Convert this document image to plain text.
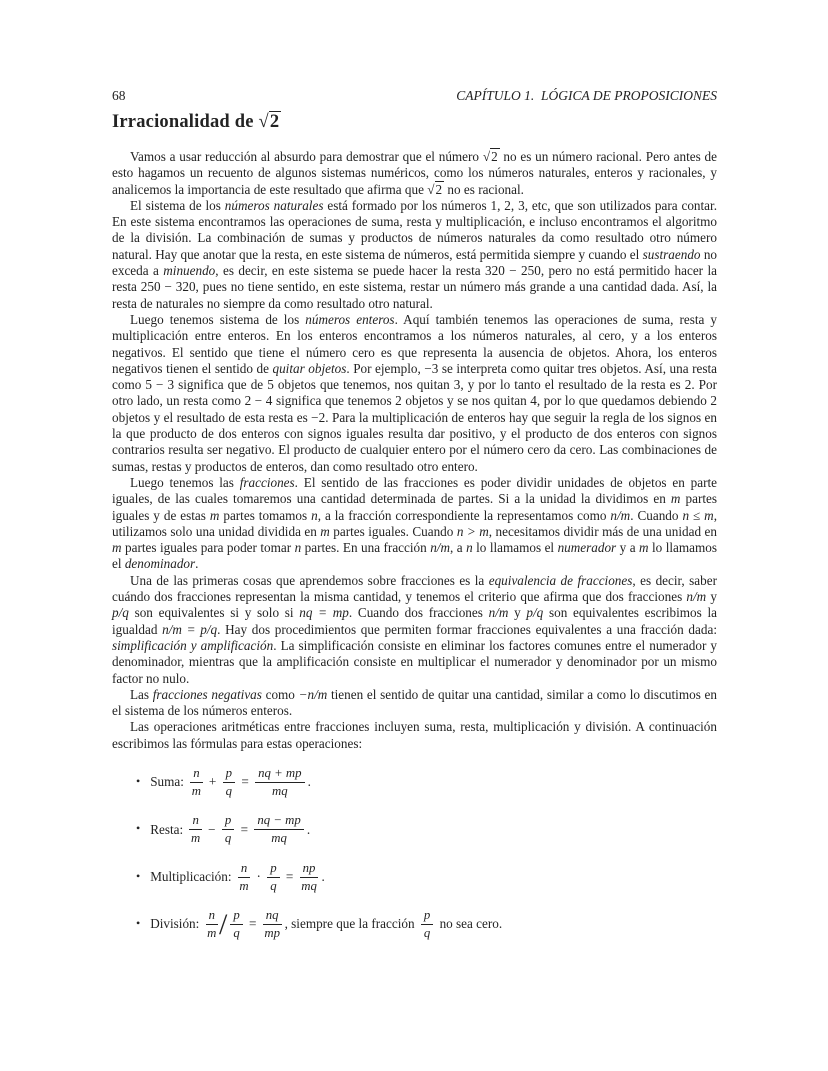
68	CAPÍTULO 1. LÓGICA DE PROPOSICIONES
Irracionalidad de √2

Vamos a usar reducción al absurdo para demostrar que el número √2 no es un número racional. Pero antes de esto hagamos un recuento de algunos sistemas numéricos, como los números naturales, enteros y racionales, y analicemos la importancia de este resultado que afirma que √2 no es racional.

El sistema de los números naturales está formado por los números 1, 2, 3, etc, que son utilizados para contar. En este sistema encontramos las operaciones de suma, resta y multiplicación, e incluso encontramos el algoritmo de la división. La combinación de sumas y productos de números naturales da como resultado otro número natural. Hay que anotar que la resta, en este sistema de números, está permitida siempre y cuando el sustraendo no exceda a minuendo, es decir, en este sistema se puede hacer la resta 320 − 250, pero no está permitido hacer la resta 250 − 320, pues no tiene sentido, en este sistema, restar un número más grande a una cantidad dada. Así, la resta de naturales no siempre da como resultado otro natural.

Luego tenemos sistema de los números enteros. Aquí también tenemos las operaciones de suma, resta y multiplicación entre enteros. En los enteros encontramos a los números naturales, al cero, y a los enteros negativos. El sentido que tiene el número cero es que representa la ausencia de objetos. Ahora, los enteros negativos tienen el sentido de quitar objetos. Por ejemplo, −3 se interpreta como quitar tres objetos. Así, una resta como 5 − 3 significa que de 5 objetos que tenemos, nos quitan 3, y por lo tanto el resultado de la resta es 2. Por otro lado, un resta como 2 − 4 significa que tenemos 2 objetos y se nos quitan 4, por lo que quedamos debiendo 2 objetos y el resultado de esta resta es −2. Para la multiplicación de enteros hay que seguir la regla de los signos en la que producto de dos enteros con signos iguales resulta dar positivo, y el producto de dos enteros con signos contrarios resulta ser negativo. El producto de cualquier entero por el número cero da cero. Las combinaciones de sumas, restas y productos de enteros, dan como resultado otro entero.

Luego tenemos las fracciones. El sentido de las fracciones es poder dividir unidades de objetos en parte iguales, de las cuales tomaremos una cantidad determinada de partes. Si a la unidad la dividimos en m partes iguales y de estas m partes tomamos n, a la fracción correspondiente la representamos como n/m. Cuando n ≤ m, utilizamos solo una unidad dividida en m partes iguales. Cuando n > m, necesitamos dividir más de una unidad en m partes iguales para poder tomar n partes. En una fracción n/m, a n lo llamamos el numerador y a m lo llamamos el denominador.

Una de las primeras cosas que aprendemos sobre fracciones es la equivalencia de fracciones, es decir, saber cuándo dos fracciones representan la misma cantidad, y tenemos el criterio que afirma que dos fracciones n/m y p/q son equivalentes si y solo si nq = mp. Cuando dos fracciones n/m y p/q son equivalentes escribimos la igualdad n/m = p/q. Hay dos procedimientos que permiten formar fracciones equivalentes a una fracción dada: simplificación y amplificación. La simplificación consiste en eliminar los factores comunes entre el numerador y denominador, mientras que la amplificación consiste en multiplicar el numerador y denominador por un mismo factor no nulo.

Las fracciones negativas como −n/m tienen el sentido de quitar una cantidad, similar a como lo discutimos en el sistema de los números enteros.

Las operaciones aritméticas entre fracciones incluyen suma, resta, multiplicación y división. A continuación escribimos las fórmulas para estas operaciones:

• Suma: $\frac{n}{m} + \frac{p}{q} = \frac{nq + mp}{mq}$ .
• Resta: $\frac{n}{m} - \frac{p}{q} = \frac{nq - mp}{mq}$ .
• Multiplicación: $\frac{n}{m} \cdot \frac{p}{q} = \frac{np}{mq}$ .
• División: $\frac{n}{m} / \frac{p}{q} = \frac{nq}{mp}$ , siempre que la fracción $\frac{p}{q}$ no sea cero.
